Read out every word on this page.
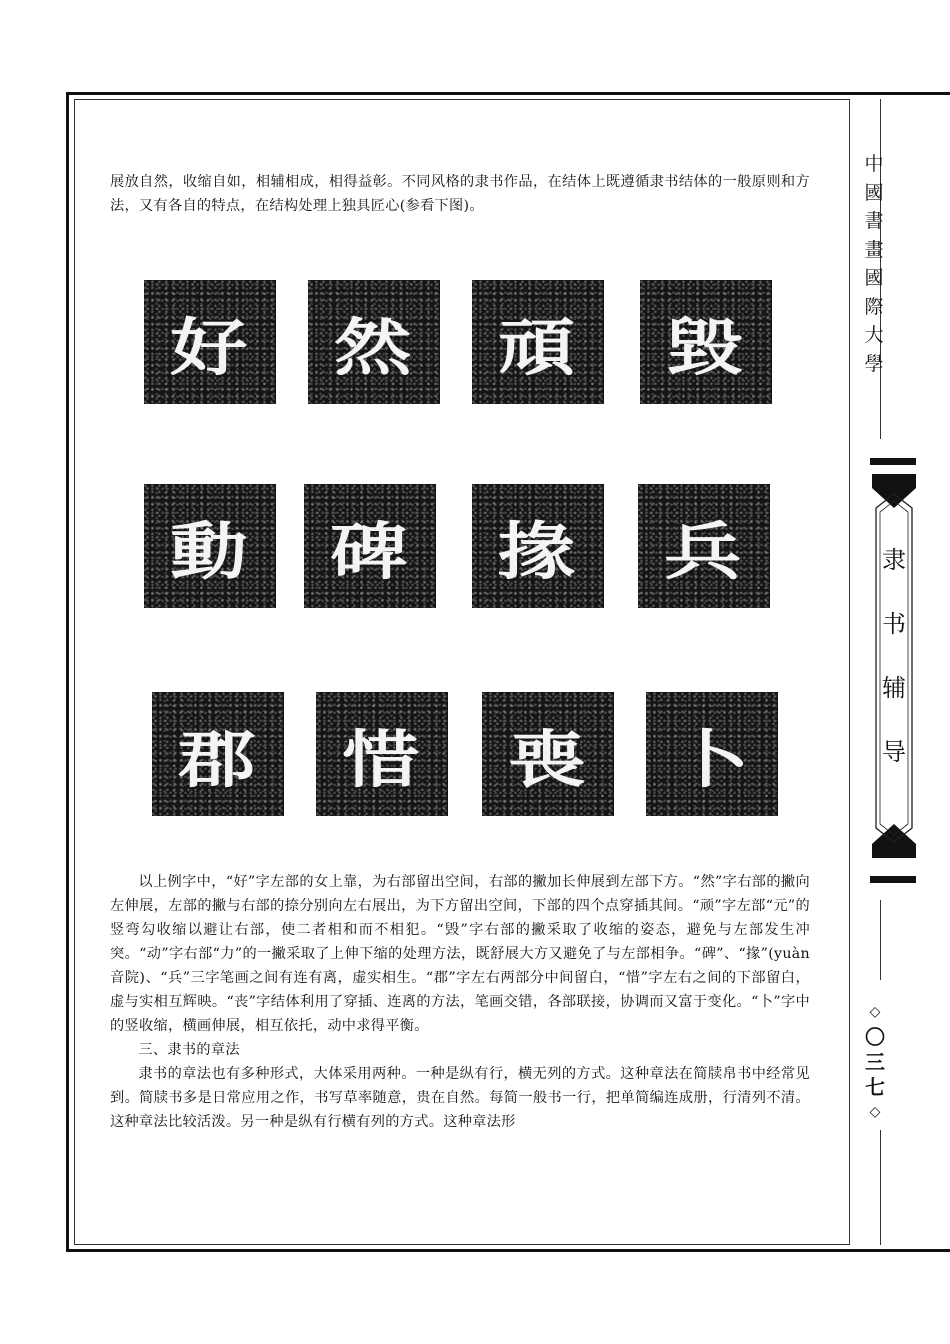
展放自然，收缩自如，相辅相成，相得益彰。不同风格的隶书作品，在结体上既遵循隶书结体的一般原则和方法，又有各自的特点，在结构处理上独具匠心(参看下图)。

好 然 頑 毀
動 碑 掾 兵
郡 惜 喪 卜

以上例字中，“好”字左部的女上靠，为右部留出空间，右部的撇加长伸展到左部下方。“然”字右部的撇向左伸展，左部的撇与右部的捺分别向左右展出，为下方留出空间，下部的四个点穿插其间。“顽”字左部“元”的竖弯勾收缩以避让右部，使二者相和而不相犯。“毁”字右部的撇采取了收缩的姿态，避免与左部发生冲突。“动”字右部“力”的一撇采取了上伸下缩的处理方法，既舒展大方又避免了与左部相争。“碑”、“掾”(yuàn音院)、“兵”三字笔画之间有连有离，虚实相生。“郡”字左右两部分中间留白，“惜”字左右之间的下部留白，虚与实相互辉映。“丧”字结体利用了穿插、连离的方法，笔画交错，各部联接，协调而又富于变化。“卜”字中的竖收缩，横画伸展，相互依托，动中求得平衡。

三、隶书的章法

隶书的章法也有多种形式，大体采用两种。一种是纵有行，横无列的方式。这种章法在简牍帛书中经常见到。简牍书多是日常应用之作，书写草率随意，贵在自然。每简一般书一行，把单简编连成册，行清列不清。这种章法比较活泼。另一种是纵有行横有列的方式。这种章法形

中
國
書
畫
國
際
大
學
隶
书
辅
导
◇
〇
三
七
◇
